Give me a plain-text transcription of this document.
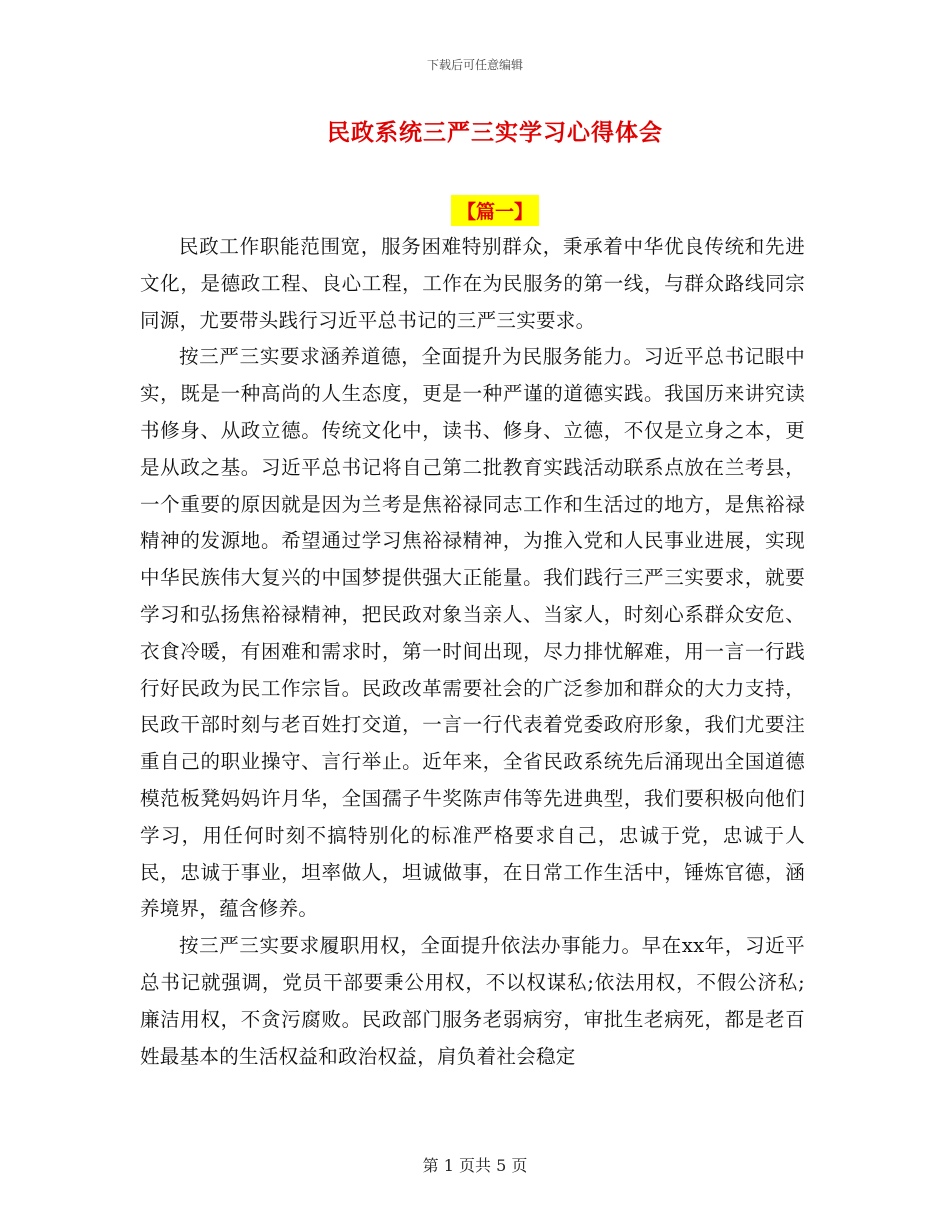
下载后可任意编辑
民政系统三严三实学习心得体会
【篇一】

民政工作职能范围宽，服务困难特别群众，秉承着中华优良传统和先进文化，是德政工程、良心工程，工作在为民服务的第一线，与群众路线同宗同源，尤要带头践行习近平总书记的三严三实要求。

按三严三实要求涵养道德，全面提升为民服务能力。习近平总书记眼中实，既是一种高尚的人生态度，更是一种严谨的道德实践。我国历来讲究读书修身、从政立德。传统文化中，读书、修身、立德，不仅是立身之本，更是从政之基。习近平总书记将自己第二批教育实践活动联系点放在兰考县，一个重要的原因就是因为兰考是焦裕禄同志工作和生活过的地方，是焦裕禄精神的发源地。希望通过学习焦裕禄精神，为推入党和人民事业进展，实现中华民族伟大复兴的中国梦提供强大正能量。我们践行三严三实要求，就要学习和弘扬焦裕禄精神，把民政对象当亲人、当家人，时刻心系群众安危、衣食冷暖，有困难和需求时，第一时间出现，尽力排忧解难，用一言一行践行好民政为民工作宗旨。民政改革需要社会的广泛参加和群众的大力支持，民政干部时刻与老百姓打交道，一言一行代表着党委政府形象，我们尤要注重自己的职业操守、言行举止。近年来，全省民政系统先后涌现出全国道德模范板凳妈妈许月华，全国孺子牛奖陈声伟等先进典型，我们要积极向他们学习，用任何时刻不搞特别化的标准严格要求自己，忠诚于党，忠诚于人民，忠诚于事业，坦率做人，坦诚做事，在日常工作生活中，锤炼官德，涵养境界，蕴含修养。

按三严三实要求履职用权，全面提升依法办事能力。早在xx年，习近平总书记就强调，党员干部要秉公用权，不以权谋私;依法用权，不假公济私;廉洁用权，不贪污腐败。民政部门服务老弱病穷，审批生老病死，都是老百姓最基本的生活权益和政治权益，肩负着社会稳定

第 1 页共 5 页
